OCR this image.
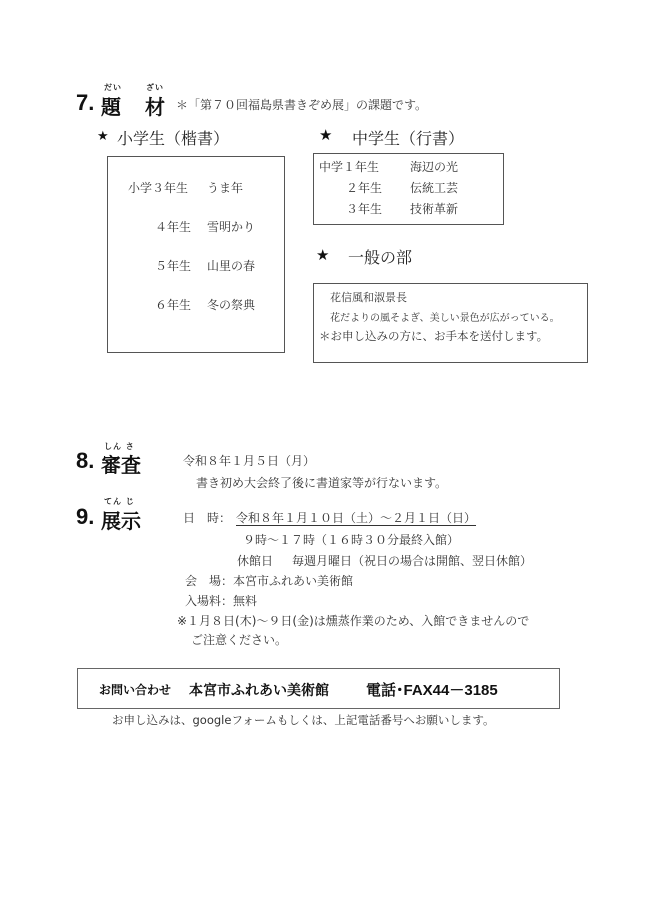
だい	ざい
7. 題 材 ＊「第７０回福島県書きぞめ展」の課題です。
★ 小学生（楷書）
小学３年生 うま年
４年生 雪明かり
５年生 山里の春
６年生 冬の祭典
★ 中学生（行書）
中学１年生	海辺の光
２年生 伝統工芸
３年生 技術革新
★ 一般の部
花信風和淑景長
花だよりの風そよぎ、美しい景色が広がっている。
＊お申し込みの方に、お手本を送付します。
しん さ
8. 審査	令和８年１月５日（月）
書き初め大会終了後に書道家等が行ないます。
てん じ
9. 展示	日　時： 令和８年１月１０日（土）～２月１日（日）
９時～１７時（１６時３０分最終入館）
休館日 毎週月曜日（祝日の場合は開館、翌日休館）
会　場：本宮市ふれあい美術館
入場料：無料
※１月８日(木)～９日(金)は燻蒸作業のため、入館できませんので
ご注意ください。
お問い合わせ 本宮市ふれあい美術館 電話･FAX44－3185
お申し込みは、googleフォームもしくは、上記電話番号へお願いします。
